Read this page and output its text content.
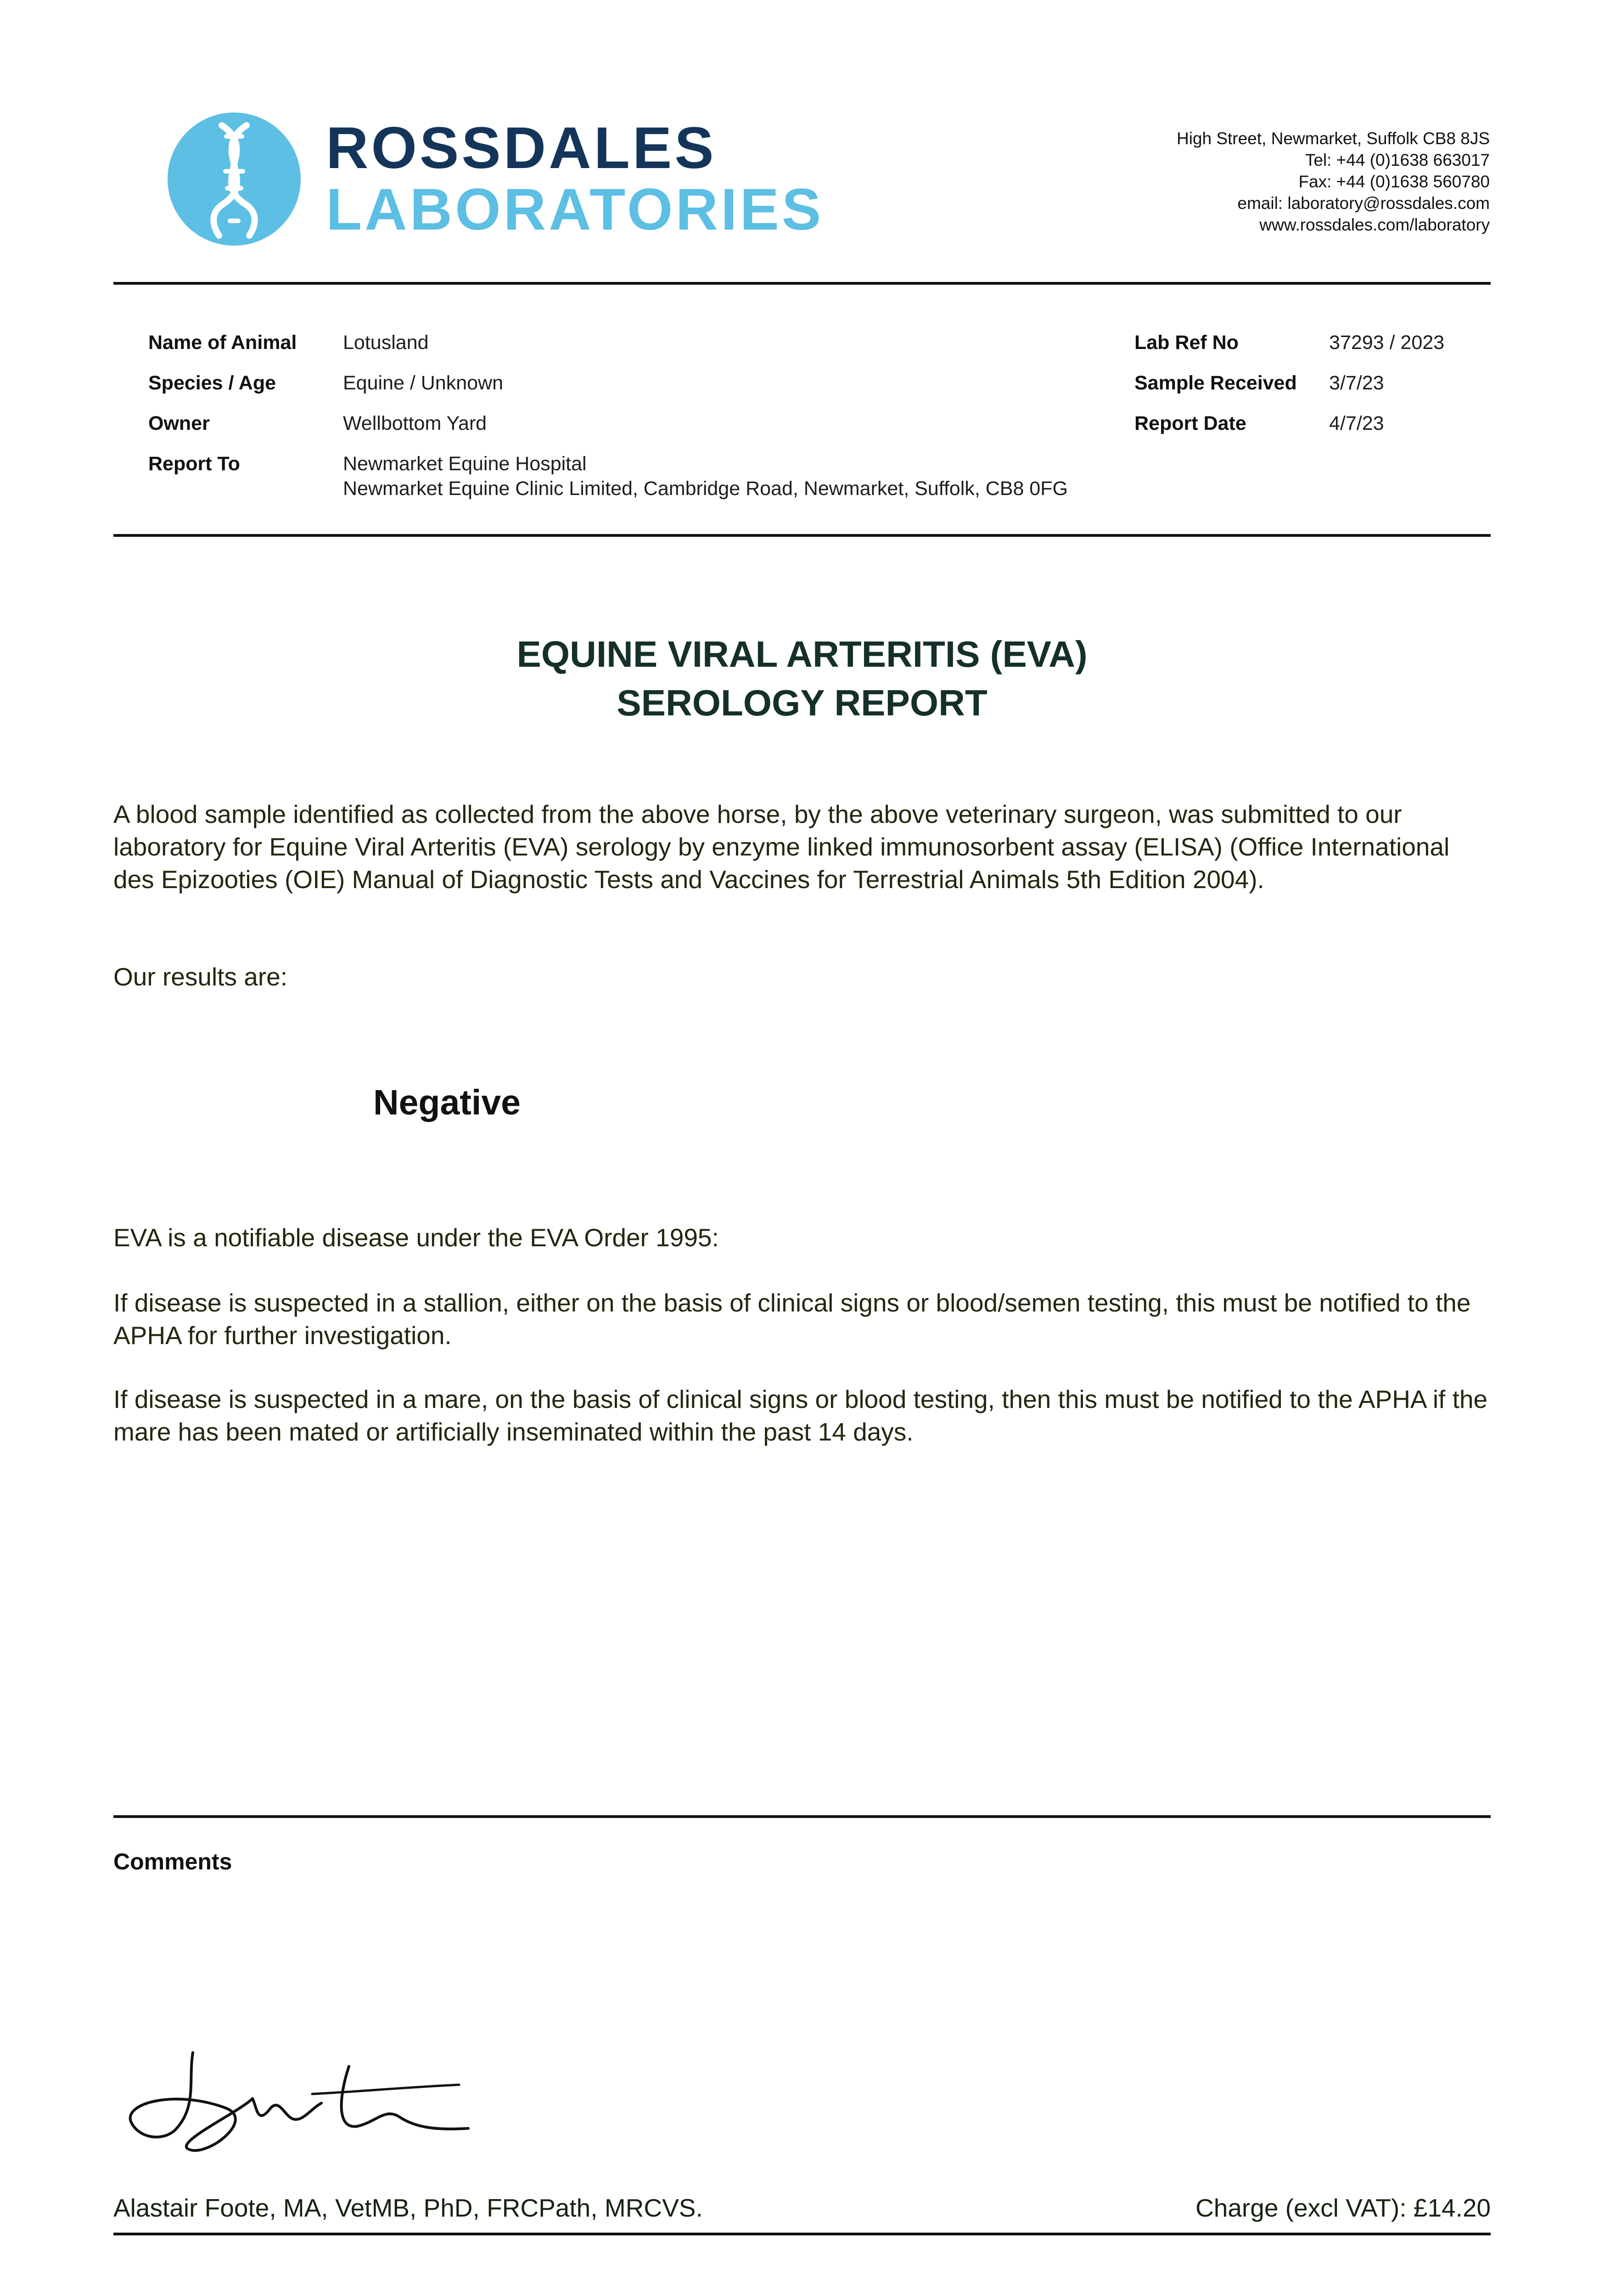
ROSSDALES
LABORATORIES
High Street, Newmarket, Suffolk CB8 8JS
Tel: +44 (0)1638 663017
Fax: +44 (0)1638 560780
email: laboratory@rossdales.com
www.rossdales.com/laboratory
Name of Animal Lotusland
Species / Age	Equine / Unknown
Owner	Wellbottom Yard
Report To	Newmarket Equine Hospital
Newmarket Equine Clinic Limited, Cambridge Road, Newmarket, Suffolk, CB8 0FG
Lab Ref No	37293 / 2023
Sample Received 3/7/23
Report Date	4/7/23
EQUINE VIRAL ARTERITIS (EVA)
SEROLOGY REPORT
A blood sample identified as collected from the above horse, by the above veterinary surgeon, was submitted to our laboratory for Equine Viral Arteritis (EVA) serology by enzyme linked immunosorbent assay (ELISA) (Office International des Epizooties (OIE) Manual of Diagnostic Tests and Vaccines for Terrestrial Animals 5th Edition 2004).
Our results are:
Negative
EVA is a notifiable disease under the EVA Order 1995:
If disease is suspected in a stallion, either on the basis of clinical signs or blood/semen testing, this must be notified to the APHA for further investigation.
If disease is suspected in a mare, on the basis of clinical signs or blood testing, then this must be notified to the APHA if the mare has been mated or artificially inseminated within the past 14 days.
Comments
Alastair Foote, MA, VetMB, PhD, FRCPath, MRCVS.	Charge (excl VAT): £14.20
